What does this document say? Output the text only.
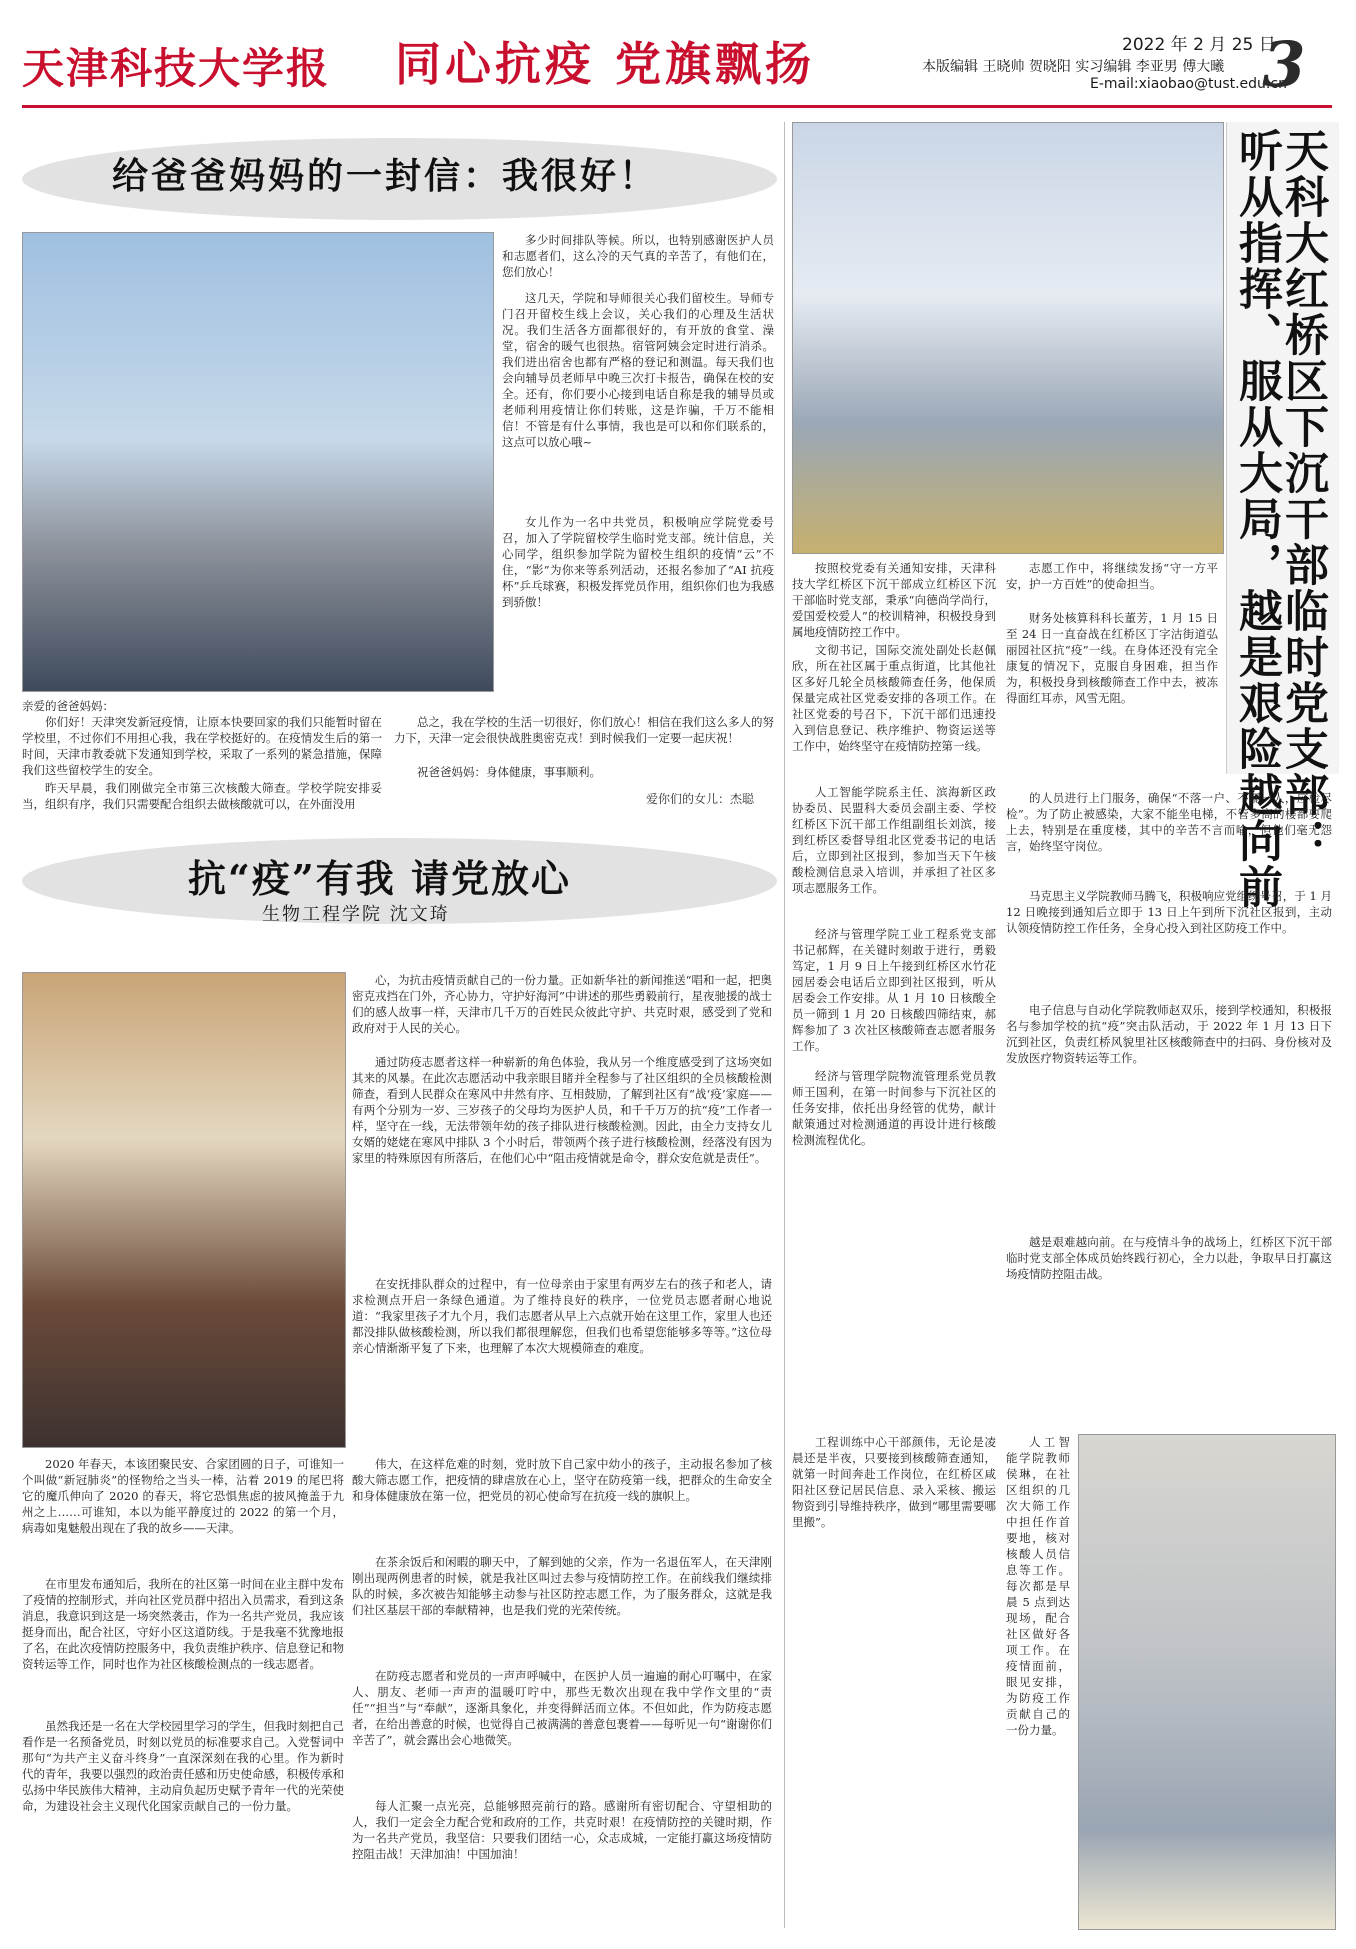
天津科技大学报 同心抗疫 党旗飘扬	2022 年 2 月 25 日
本版编辑 王晓帅 贺晓阳 实习编辑 李亚男 傅大曦
E-mail:xiaobao@tust.edu.cn
3
给爸爸妈妈的一封信：我很好！
多少时间排队等候。所以，也特别感谢医护人员和志愿者们，这么冷的天气真的辛苦了，有他们在，您们放心！
这几天，学院和导师很关心我们留校生。导师专门召开留校生线上会议，关心我们的心理及生活状况。我们生活各方面都很好的，有开放的食堂、澡堂，宿舍的暖气也很热。宿管阿姨会定时进行消杀。我们进出宿舍也都有严格的登记和测温。每天我们也会向辅导员老师早中晚三次打卡报告，确保在校的安全。还有，你们要小心接到电话自称是我的辅导员或老师利用疫情让你们转账，这是诈骗，千万不能相信！不管是有什么事情，我也是可以和你们联系的，这点可以放心哦~
女儿作为一名中共党员，积极响应学院党委号召，加入了学院留校学生临时党支部。统计信息，关心同学，组织参加学院为留校生组织的疫情“云”不住，“影”为你来等系列活动，还报名参加了“AI 抗疫杯”乒乓球赛，积极发挥党员作用，组织你们也为我感到骄傲！
亲爱的爸爸妈妈：
你们好！天津突发新冠疫情，让原本快要回家的我们只能暂时留在学校里，不过你们不用担心我，我在学校挺好的。在疫情发生后的第一时间，天津市教委就下发通知到学校，采取了一系列的紧急措施，保障我们这些留校学生的安全。
昨天早晨，我们刚做完全市第三次核酸大筛查。学校学院安排妥当，组织有序，我们只需要配合组织去做核酸就可以，在外面没用
总之，我在学校的生活一切很好，你们放心！相信在我们这么多人的努力下，天津一定会很快战胜奥密克戎！到时候我们一定要一起庆祝！
祝爸爸妈妈：身体健康，事事顺利。
爱你们的女儿：杰聪
抗“疫”有我 请党放心
生物工程学院 沈文琦
心，为抗击疫情贡献自己的一份力量。正如新华社的新闻推送“唱和一起，把奥密克戎挡在门外，齐心协力，守护好海河”中讲述的那些勇毅前行，星夜驰援的战士们的感人故事一样，天津市几千万的百姓民众彼此守护、共克时艰，感受到了党和政府对于人民的关心。
通过防疫志愿者这样一种崭新的角色体验，我从另一个维度感受到了这场突如其来的风暴。在此次志愿活动中我亲眼目睹并全程参与了社区组织的全员核酸检测筛查，看到人民群众在寒风中井然有序、互相鼓励，了解到社区有“战‘疫’家庭——有两个分别为一岁、三岁孩子的父母均为医护人员，和千千万万的抗“疫”工作者一样，坚守在一线，无法带领年幼的孩子排队进行核酸检测。因此，由全力支持女儿女婿的姥姥在寒风中排队 3 个小时后，带领两个孩子进行核酸检测，经落没有因为家里的特殊原因有所落后，在他们心中“阻击疫情就是命令，群众安危就是责任”。
在安抚排队群众的过程中，有一位母亲由于家里有两岁左右的孩子和老人，请求检测点开启一条绿色通道。为了维持良好的秩序，一位党员志愿者耐心地说道：“我家里孩子才九个月，我们志愿者从早上六点就开始在这里工作，家里人也还都没排队做核酸检测，所以我们都很理解您，但我们也希望您能够多等等。”这位母亲心情渐渐平复了下来，也理解了本次大规模筛查的难度。
2020 年春天，本该团聚民安、合家团圆的日子，可谁知一个叫做“新冠肺炎”的怪物给之当头一棒，沾着 2019 的尾巴将它的魔爪伸向了 2020 的春天，将它恐惧焦虑的披风掩盖于九州之上……可谁知，本以为能平静度过的 2022 的第一个月，病毒如鬼魅般出现在了我的故乡——天津。
在市里发布通知后，我所在的社区第一时间在业主群中发布了疫情的控制形式，并向社区党员群中招出入员需求，看到这条消息，我意识到这是一场突然袭击，作为一名共产党员，我应该挺身而出，配合社区，守好小区这道防线。于是我毫不犹豫地报了名，在此次疫情防控服务中，我负责维护秩序、信息登记和物资转运等工作，同时也作为社区核酸检测点的一线志愿者。
虽然我还是一名在大学校园里学习的学生，但我时刻把自己看作是一名预备党员，时刻以党员的标准要求自己。入党誓词中那句“为共产主义奋斗终身”一直深深刻在我的心里。作为新时代的青年，我要以强烈的政治责任感和历史使命感，积极传承和弘扬中华民族伟大精神，主动肩负起历史赋予青年一代的光荣使命，为建设社会主义现代化国家贡献自己的一份力量。
伟大，在这样危难的时刻，党时放下自己家中幼小的孩子，主动报名参加了核酸大筛志愿工作，把疫情的肆虐放在心上，坚守在防疫第一线，把群众的生命安全和身体健康放在第一位，把党员的初心使命写在抗疫一线的旗帜上。
在茶余饭后和闲暇的聊天中，了解到她的父亲，作为一名退伍军人，在天津刚刚出现两例患者的时候，就是我社区叫过去参与疫情防控工作。在前线我们继续排队的时候，多次被告知能够主动参与社区防控志愿工作，为了服务群众，这就是我们社区基层干部的奉献精神，也是我们党的光荣传统。
在防疫志愿者和党员的一声声呼喊中，在医护人员一遍遍的耐心叮嘱中，在家人、朋友、老师一声声的温暖叮咛中，那些无数次出现在我中学作文里的“责任”“担当”与“奉献”，逐渐具象化，并变得鲜活而立体。不但如此，作为防疫志愿者，在给出善意的时候，也觉得自己被满满的善意包裹着——每听见一句“谢谢你们辛苦了”，就会露出会心地微笑。
每人汇聚一点光亮，总能够照亮前行的路。感谢所有密切配合、守望相助的人，我们一定会全力配合党和政府的工作，共克时艰！在疫情防控的关键时期，作为一名共产党员，我坚信：只要我们团结一心，众志成城，一定能打赢这场疫情防控阻击战！天津加油！中国加油！
天科大红桥区下沉干部临时党支部：
听从指挥、服从大局，越是艰险越向前
按照校党委有关通知安排，天津科技大学红桥区下沉干部成立红桥区下沉干部临时党支部，秉承“向德尚学尚行，爱国爱校爱人”的校训精神，积极投身到属地疫情防控工作中。
文彻书记，国际交流处副处长赵佩欣，所在社区属于重点街道，比其他社区多好几轮全员核酸筛查任务，他保质保量完成社区党委安排的各项工作。在社区党委的号召下，下沉干部们迅速投入到信息登记、秩序维护、物资运送等工作中，始终坚守在疫情防控第一线。
人工智能学院系主任、滨海新区政协委员、民盟科大委员会副主委、学校红桥区下沉干部工作组副组长刘滨，接到红桥区委督导组北区党委书记的电话后，立即到社区报到，参加当天下午核酸检测信息录入培训，并承担了社区多项志愿服务工作。
经济与管理学院工业工程系党支部书记郝辉，在关键时刻敢于进行，勇毅笃定，1 月 9 日上午接到红桥区水竹花园居委会电话后立即到社区报到，听从居委会工作安排。从 1 月 10 日核酸全员一筛到 1 月 20 日核酸四筛结束，郝辉参加了 3 次社区核酸筛查志愿者服务工作。
经济与管理学院物流管理系党员教师王国利，在第一时间参与下沉社区的任务安排，依托出身经管的优势，献计献策通过对检测通道的再设计进行核酸检测流程优化。
志愿工作中，将继续发扬“守一方平安，护一方百姓”的使命担当。
财务处核算科科长董芳，1 月 15 日至 24 日一直奋战在红桥区丁字沽街道弘丽园社区抗“疫”一线。在身体还没有完全康复的情况下，克服自身困难，担当作为，积极投身到核酸筛查工作中去，被冻得面红耳赤，风雪无阻。
的人员进行上门服务，确保“不落一户、不漏一人，应检尽检”。为了防止被感染，大家不能坐电梯，不管多高的楼都要爬上去，特别是在重度楼，其中的辛苦不言而喻，但他们毫无怨言，始终坚守岗位。
马克思主义学院教师马腾飞，积极响应党组织号召，于 1 月 12 日晚接到通知后立即于 13 日上午到所下沉社区报到，主动认领疫情防控工作任务，全身心投入到社区防疫工作中。
电子信息与自动化学院教师赵双乐，接到学校通知，积极报名与参加学校的抗“疫”突击队活动，于 2022 年 1 月 13 日下沉到社区，负责红桥风貌里社区核酸筛查中的扫码、身份核对及发放医疗物资转运等工作。
越是艰难越向前。在与疫情斗争的战场上，红桥区下沉干部临时党支部全体成员始终践行初心，全力以赴，争取早日打赢这场疫情防控阻击战。
人工智能学院教师侯琳，在社区组织的几次大筛工作中担任作首要地，核对核酸人员信息等工作。每次都是早晨 5 点到达现场，配合社区做好各项工作。在疫情面前，眼见安排，为防疫工作贡献自己的一份力量。
工程训练中心干部颜伟，无论是凌晨还是半夜，只要接到核酸筛查通知，就第一时间奔赴工作岗位，在红桥区咸阳社区登记居民信息、录入采核、搬运物资到引导维持秩序，做到“哪里需要哪里搬”。
